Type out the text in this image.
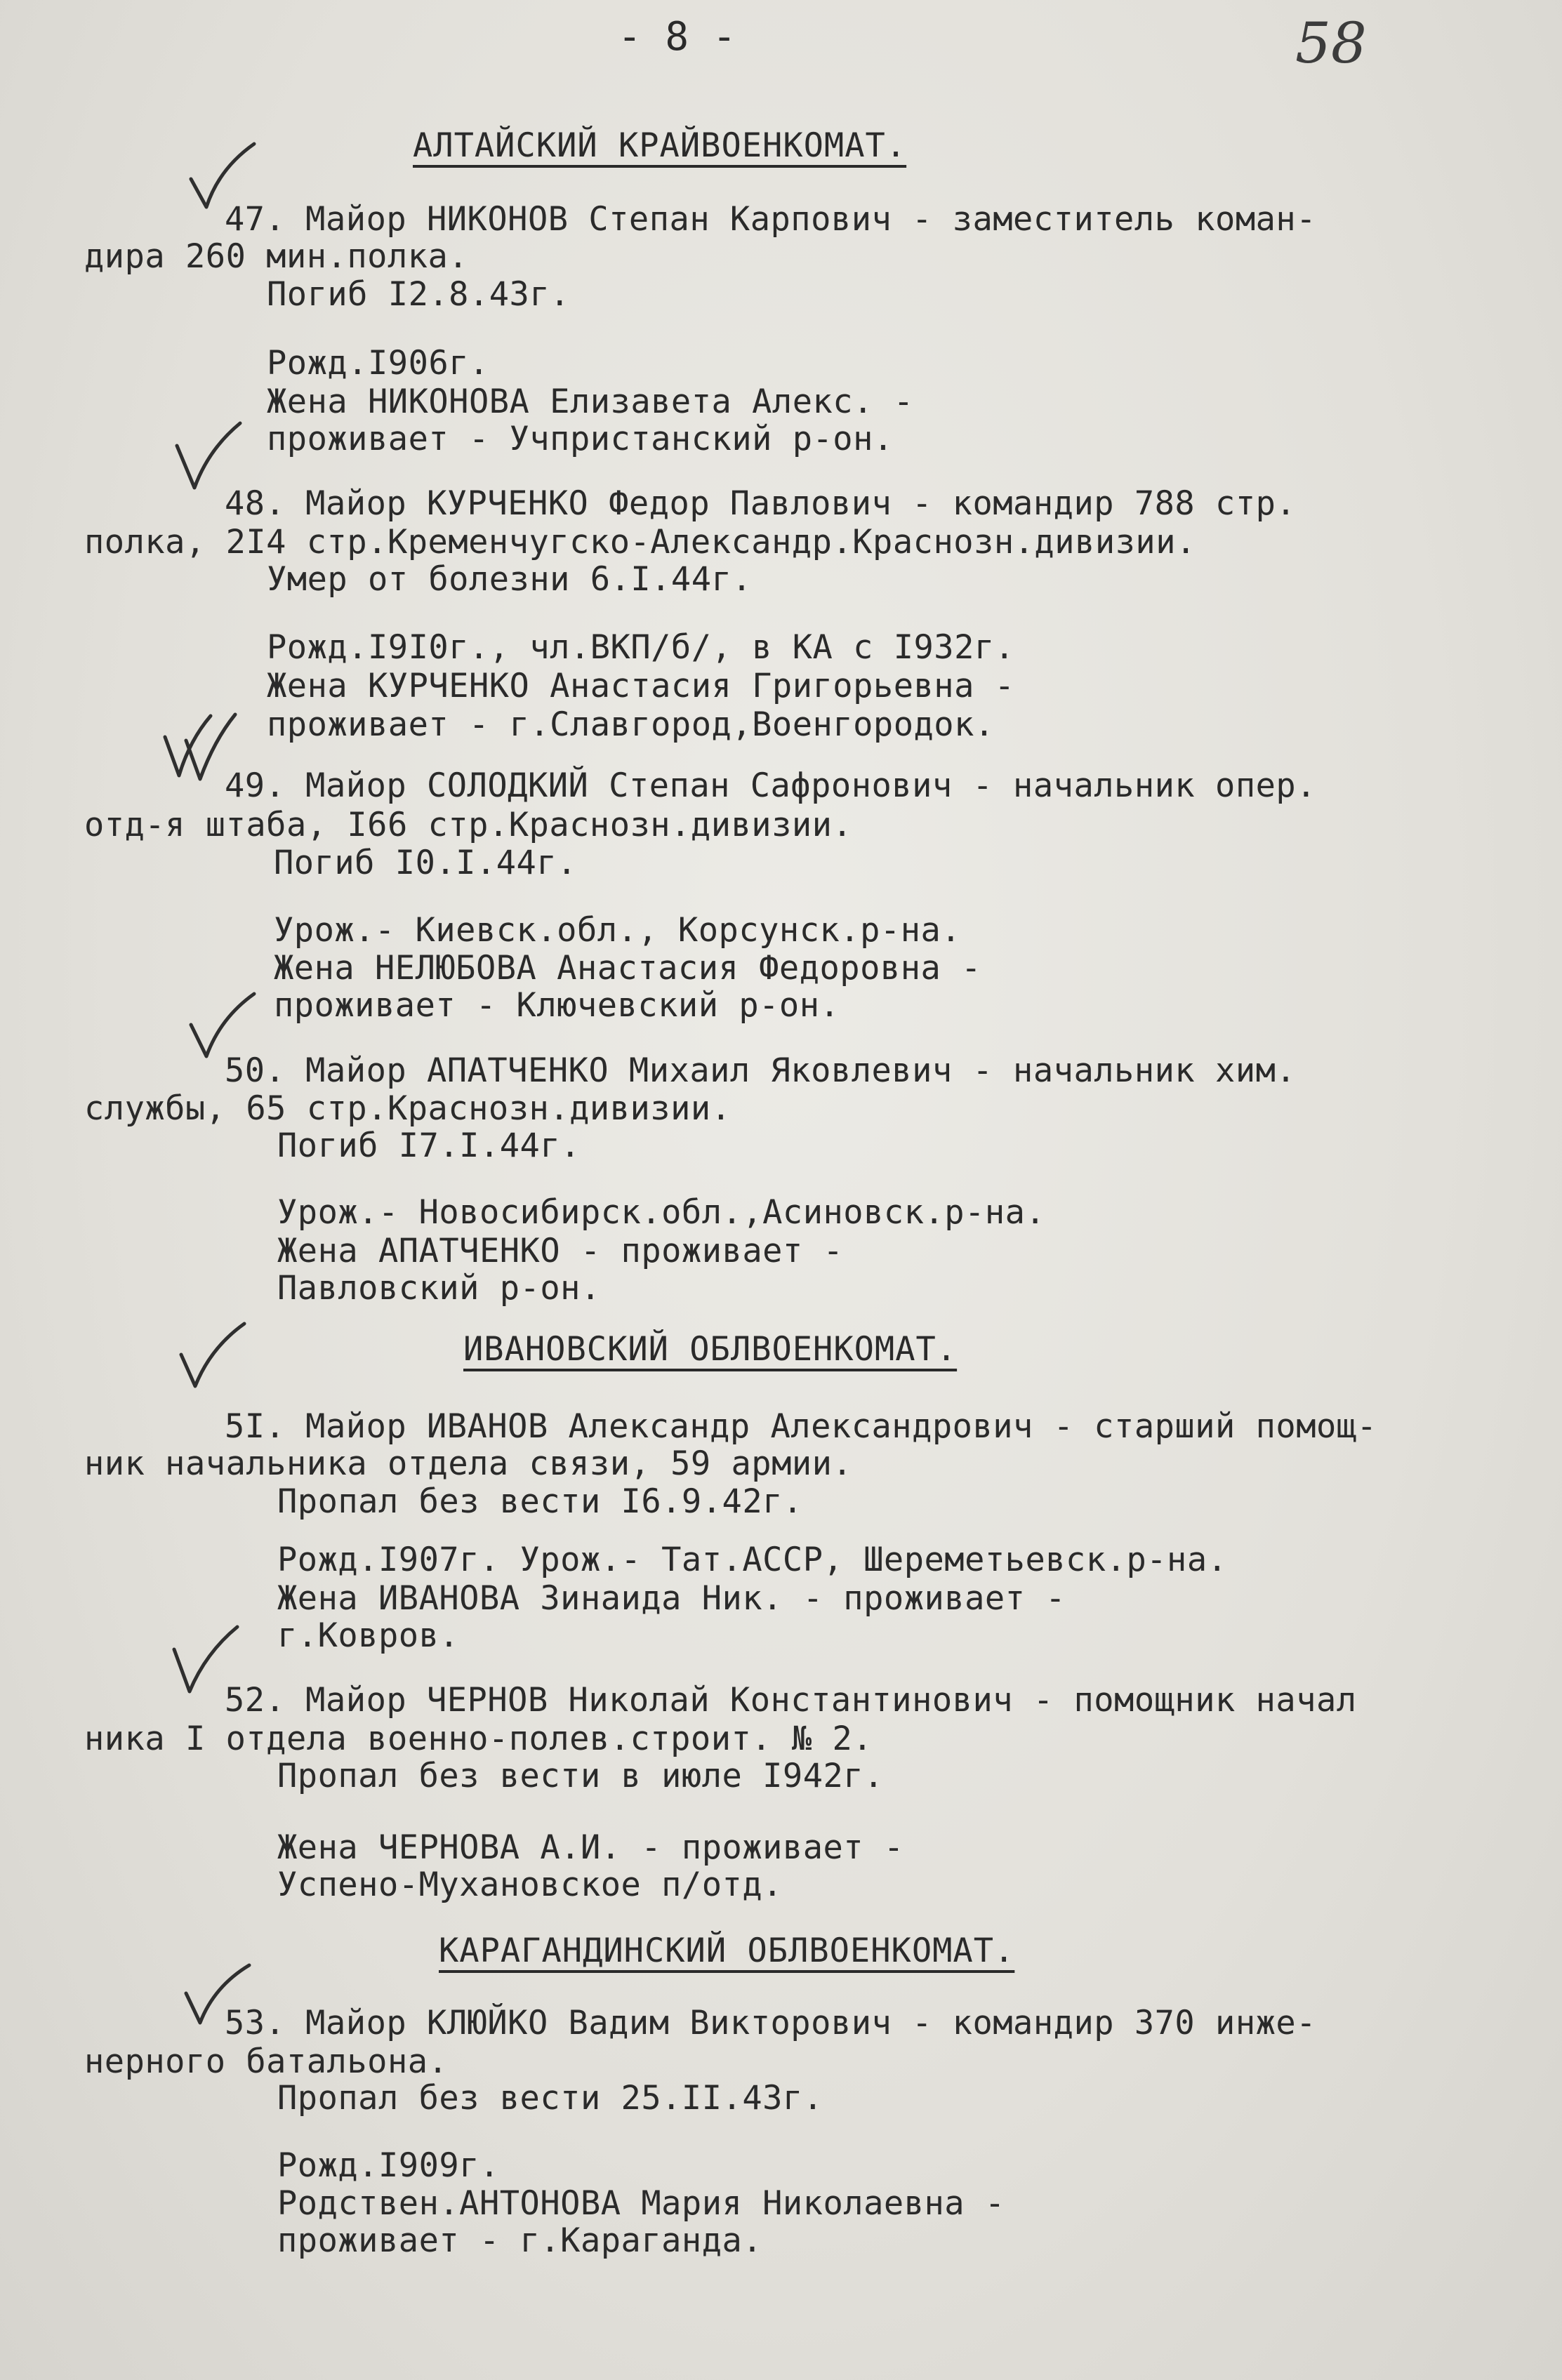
- 8 -	58
АЛТАЙСКИЙ КРАЙВОЕНКОМАТ.
47. Майор НИКОНОВ Степан Карпович - заместитель коман-
дира 260 мин.полка.
Погиб I2.8.43г.
Рожд.I906г.
Жена НИКОНОВА Елизавета Алекс. -
проживает - Учпристанский р-он.
48. Майор КУРЧЕНКО Федор Павлович - командир 788 стр.
полка, 2I4 стр.Кременчугско-Александр.Краснозн.дивизии.
Умер от болезни 6.I.44г.
Рожд.I9I0г., чл.ВКП/б/, в КА с I932г.
Жена КУРЧЕНКО Анастасия Григорьевна -
проживает - г.Славгород,Военгородок.
49. Майор СОЛОДКИЙ Степан Сафронович - начальник опер.
отд-я штаба, I66 стр.Краснозн.дивизии.
Погиб I0.I.44г.
Урож.- Киевск.обл., Корсунск.р-на.
Жена НЕЛЮБОВА Анастасия Федоровна -
проживает - Ключевский р-он.
50. Майор АПАТЧЕНКО Михаил Яковлевич - начальник хим.
службы, 65 стр.Краснозн.дивизии.
Погиб I7.I.44г.
Урож.- Новосибирск.обл.,Асиновск.р-на.
Жена АПАТЧЕНКО - проживает -
Павловский р-он.
ИВАНОВСКИЙ ОБЛВОЕНКОМАТ.
5I. Майор ИВАНОВ Александр Александрович - старший помощ-
ник начальника отдела связи, 59 армии.
Пропал без вести I6.9.42г.
Рожд.I907г. Урож.- Тат.АССР, Шереметьевск.р-на.
Жена ИВАНОВА Зинаида Ник. - проживает -
г.Ковров.
52. Майор ЧЕРНОВ Николай Константинович - помощник начал
ника I отдела военно-полев.строит. № 2.
Пропал без вести в июле I942г.
Жена ЧЕРНОВА А.И. - проживает -
Успено-Мухановское п/отд.
КАРАГАНДИНСКИЙ ОБЛВОЕНКОМАТ.
53. Майор КЛЮЙКО Вадим Викторович - командир 370 инже-
нерного батальона.
Пропал без вести 25.II.43г.
Рожд.I909г.
Родствен.АНТОНОВА Мария Николаевна -
проживает - г.Караганда.
